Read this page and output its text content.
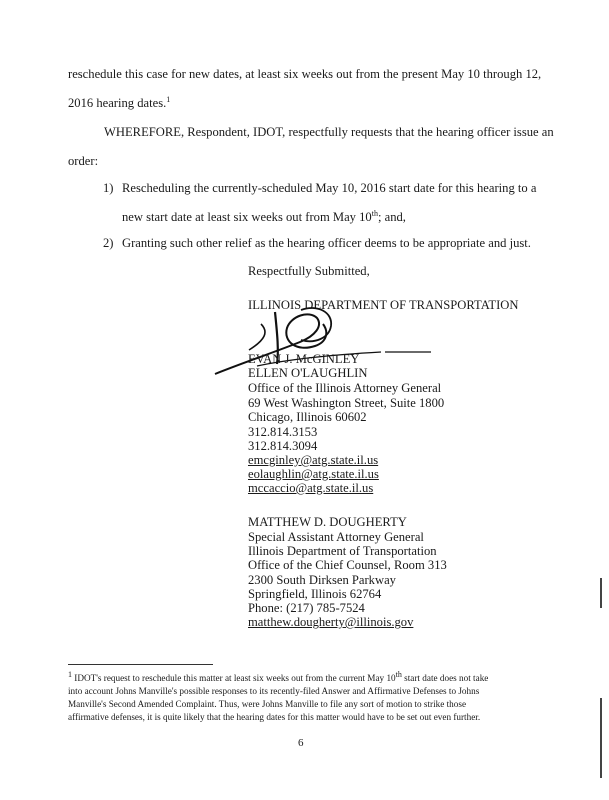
reschedule this case for new dates, at least six weeks out from the present May 10 through 12,
2016 hearing dates.$^1$
WHEREFORE, Respondent, IDOT, respectfully requests that the hearing officer issue an
order:
1) Rescheduling the currently-scheduled May 10, 2016 start date for this hearing to a
new start date at least six weeks out from May 10th; and,
2) Granting such other relief as the hearing officer deems to be appropriate and just.
Respectfully Submitted,
ILLINOIS DEPARTMENT OF TRANSPORTATION
EVAN J. McGINLEY
ELLEN O'LAUGHLIN
Office of the Illinois Attorney General
69 West Washington Street, Suite 1800
Chicago, Illinois 60602
312.814.3153
312.814.3094
emcginley@atg.state.il.us
eolaughlin@atg.state.il.us
mccaccio@atg.state.il.us
MATTHEW D. DOUGHERTY
Special Assistant Attorney General
Illinois Department of Transportation
Office of the Chief Counsel, Room 313
2300 South Dirksen Parkway
Springfield, Illinois 62764
Phone: (217) 785-7524
matthew.dougherty@illinois.gov
1 IDOT's request to reschedule this matter at least six weeks out from the current May 10th start date does not take
into account Johns Manville's possible responses to its recently-filed Answer and Affirmative Defenses to Johns
Manville's Second Amended Complaint. Thus, were Johns Manville to file any sort of motion to strike those
affirmative defenses, it is quite likely that the hearing dates for this matter would have to be set out even further.
6
